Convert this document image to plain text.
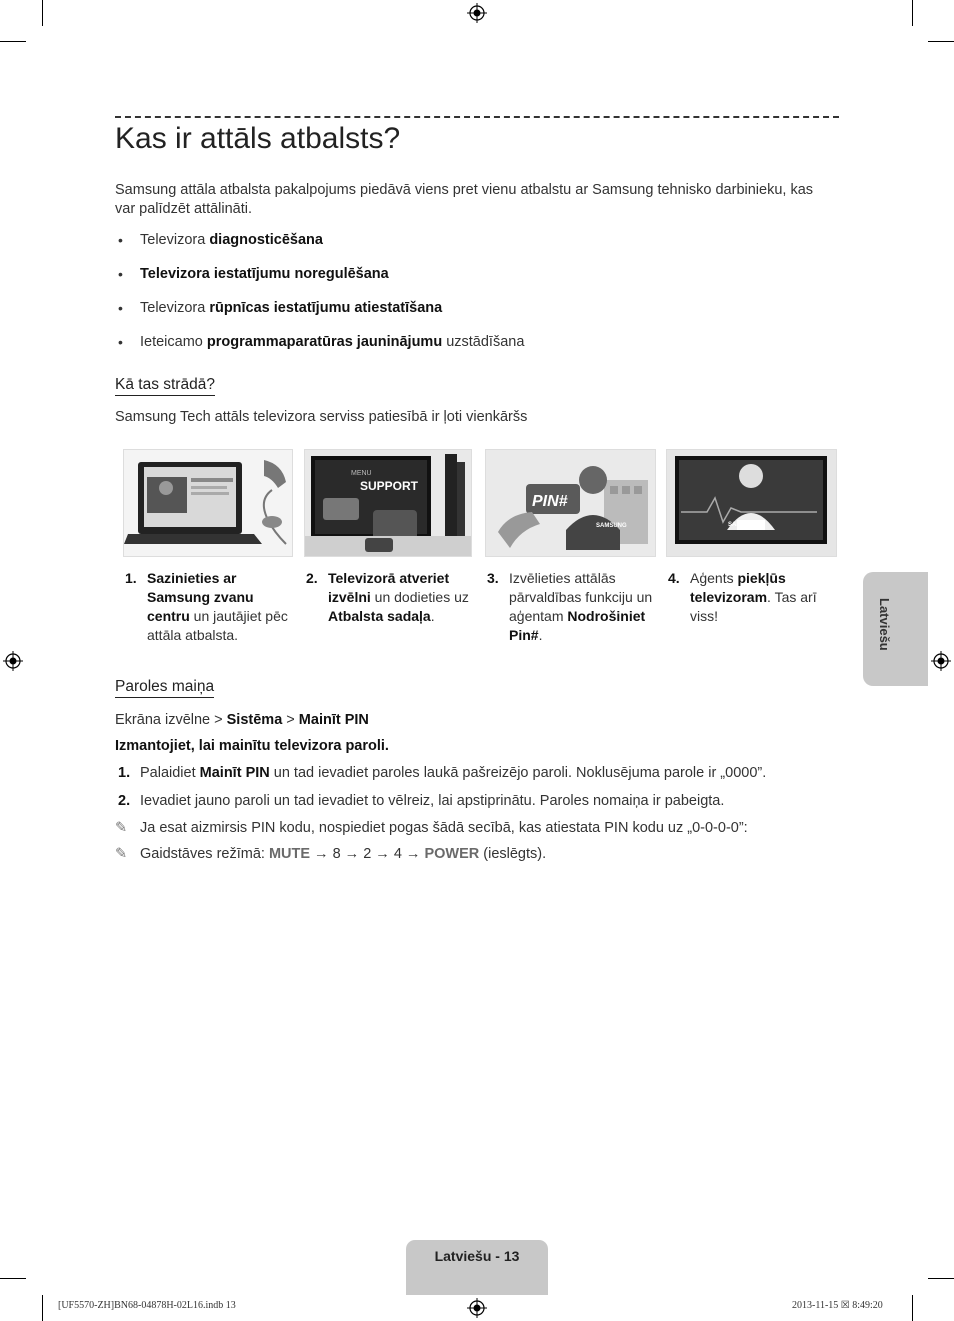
Kas ir attāls atbalsts?
Samsung attāla atbalsta pakalpojums piedāvā viens pret vienu atbalstu ar Samsung tehnisko darbinieku, kas var palīdzēt attālināti.
• Televizora diagnosticēšana
• Televizora iestatījumu noregulēšana
• Televizora rūpnīcas iestatījumu atiestatīšana
• Ieteicamo programmaparatūras jauninājumu uzstādīšana
Kā tas strādā?
Samsung Tech attāls televizora serviss patiesībā ir ļoti vienkāršs
MENU
SUPPORT
PIN#
SAMSUNG	SAMSUNG
1. Sazinieties ar Samsung zvanu centru un jautājiet pēc attāla atbalsta.
2. Televizorā atveriet izvēlni un dodieties uz Atbalsta sadaļa.
3. Izvēlieties attālās pārvaldības funkciju un aģentam Nodrošiniet Pin#.
4. Aģents piekļūs televizoram. Tas arī viss!	Latviešu
Paroles maiņa
Ekrāna izvēlne > Sistēma > Mainīt PIN
Izmantojiet, lai mainītu televizora paroli.
1. Palaidiet Mainīt PIN un tad ievadiet paroles laukā pašreizējo paroli. Noklusējuma parole ir „0000”.
2. Ievadiet jauno paroli un tad ievadiet to vēlreiz, lai apstiprinātu. Paroles nomaiņa ir pabeigta.
✎ Ja esat aizmirsis PIN kodu, nospiediet pogas šādā secībā, kas atiestata PIN kodu uz „0-0-0-0”:
✎ Gaidstāves režīmā: MUTE → 8 → 2 → 4 → POWER (ieslēgts).
Latviešu - 13
[UF5570-ZH]BN68-04878H-02L16.indb 13	2013-11-15 ☒ 8:49:20
